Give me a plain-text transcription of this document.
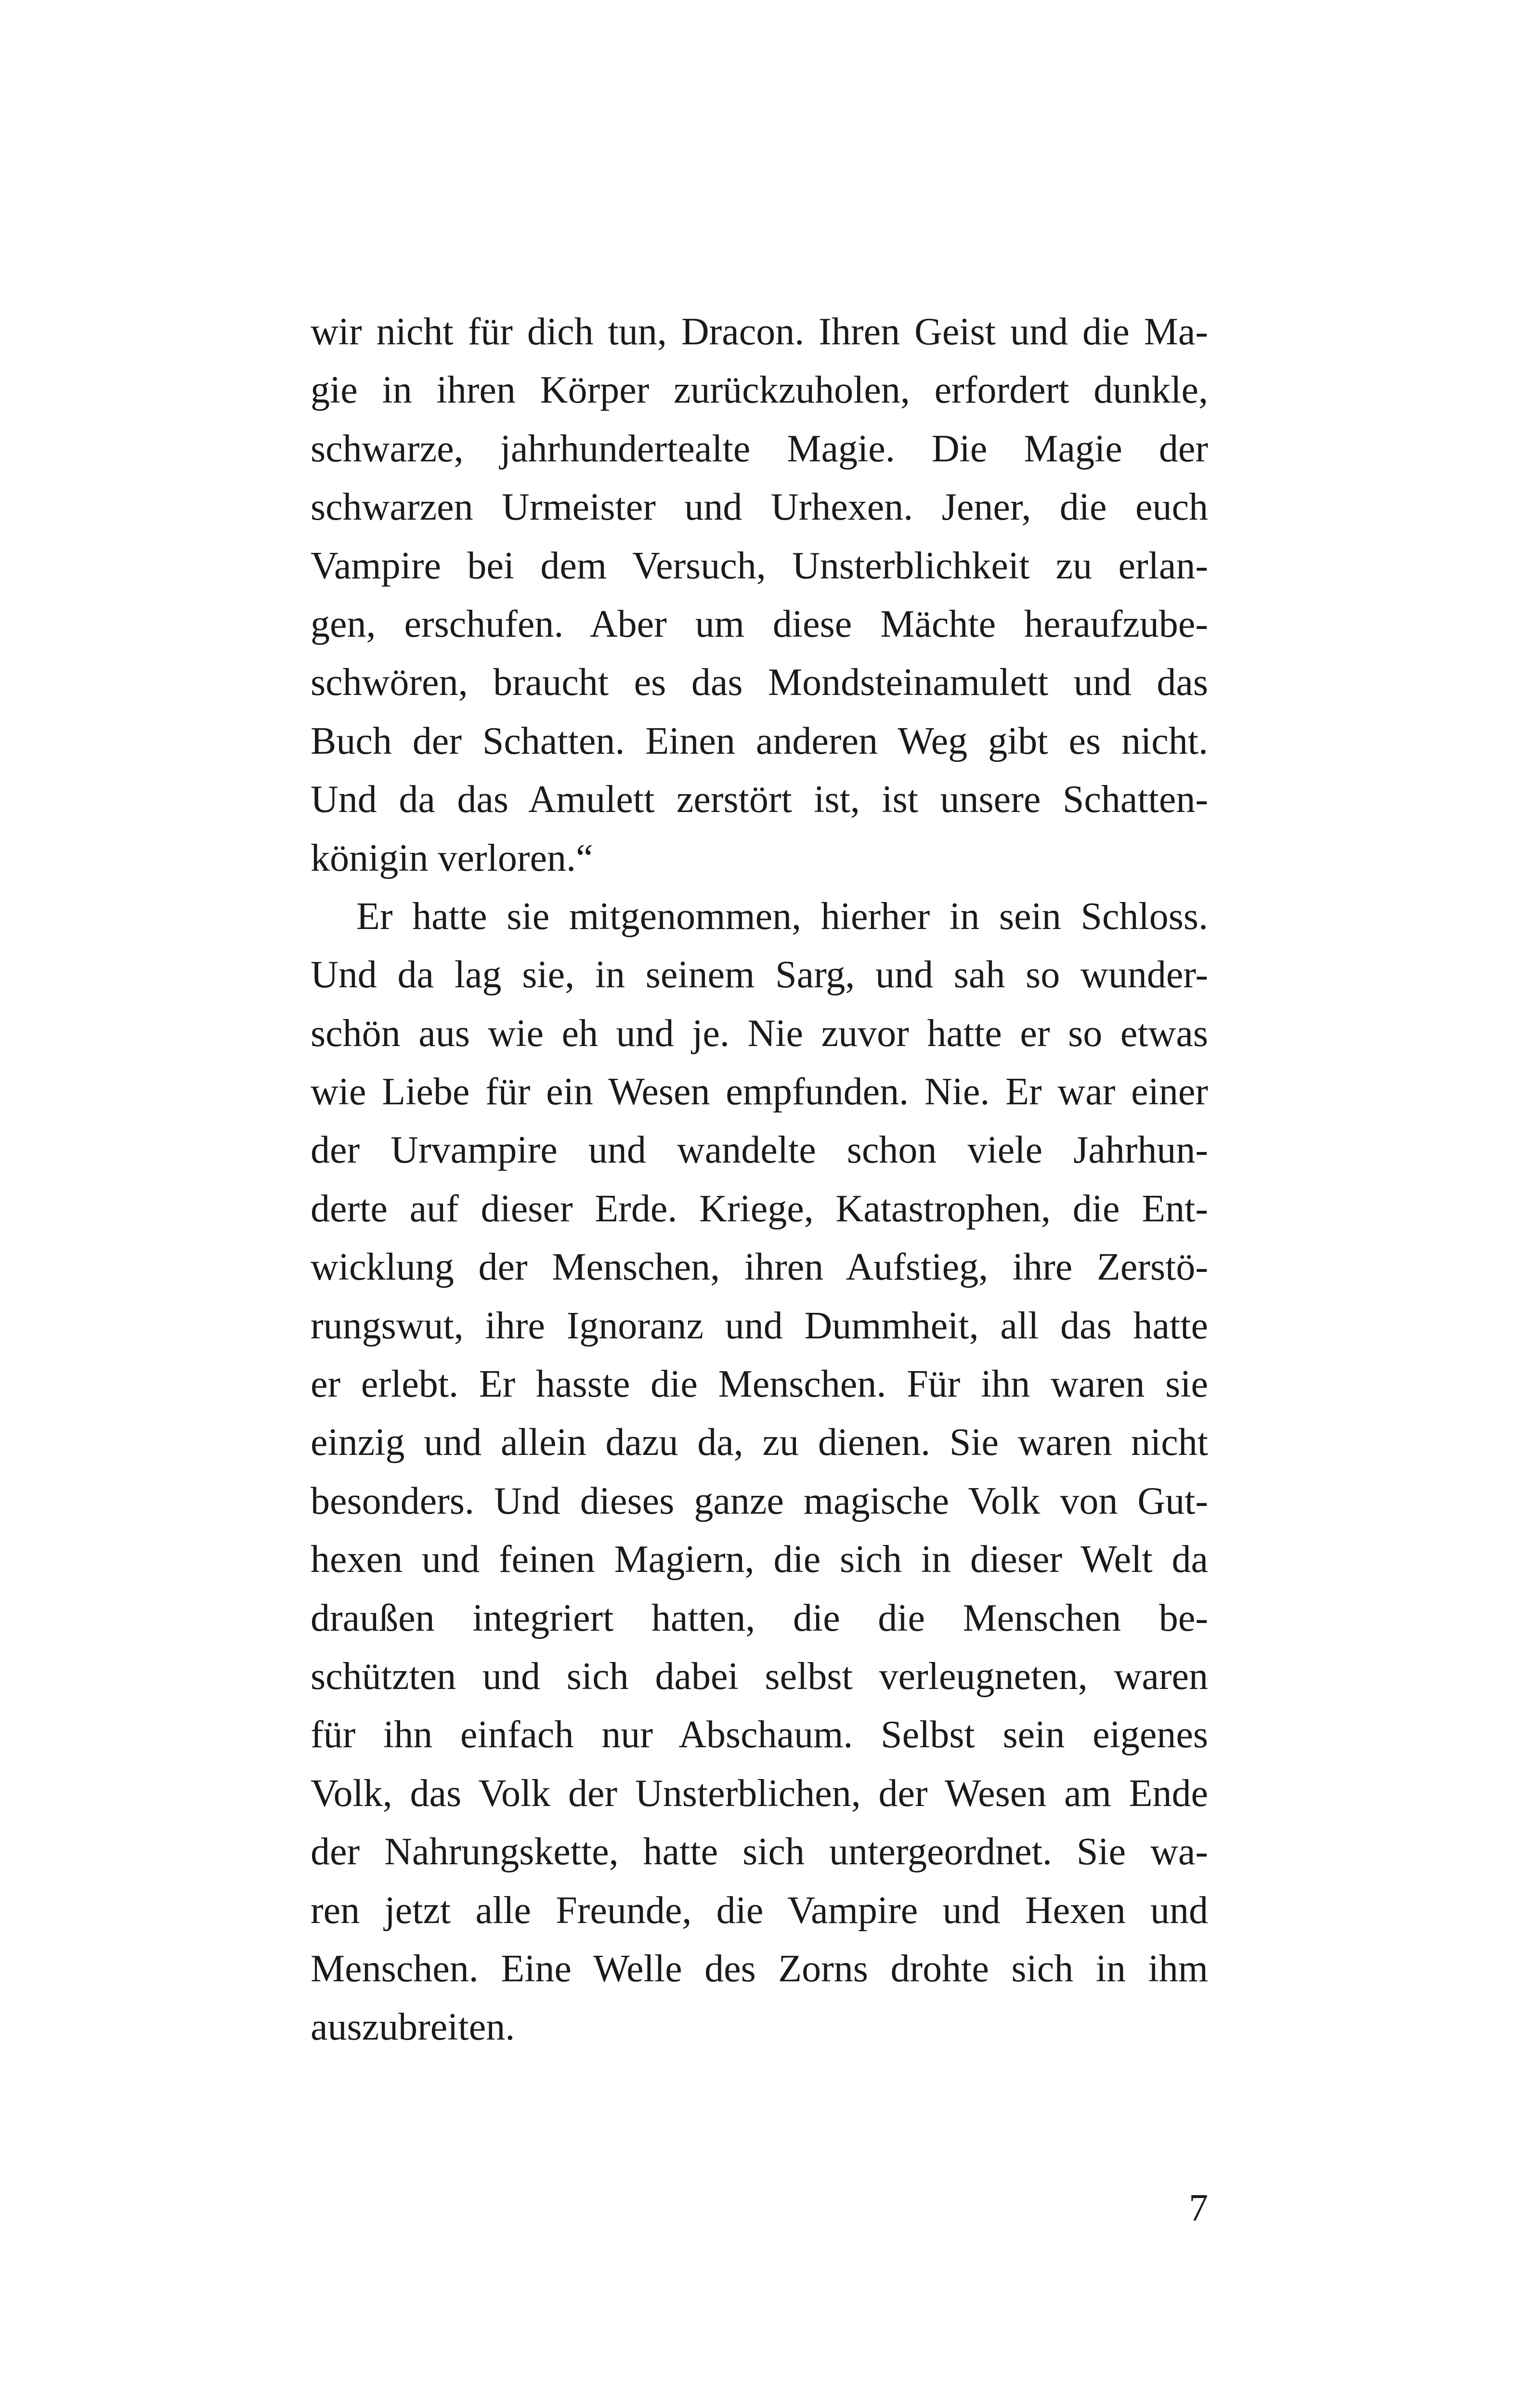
wir nicht für dich tun, Dracon. Ihren Geist und die Ma-
gie in ihren Körper zurückzuholen, erfordert dunkle,
schwarze, jahrhundertealte Magie. Die Magie der
schwarzen Urmeister und Urhexen. Jener, die euch
Vampire bei dem Versuch, Unsterblichkeit zu erlan-
gen, erschufen. Aber um diese Mächte heraufzube-
schwören, braucht es das Mondsteinamulett und das
Buch der Schatten. Einen anderen Weg gibt es nicht.
Und da das Amulett zerstört ist, ist unsere Schatten-
königin verloren.“
Er hatte sie mitgenommen, hierher in sein Schloss.
Und da lag sie, in seinem Sarg, und sah so wunder-
schön aus wie eh und je. Nie zuvor hatte er so etwas
wie Liebe für ein Wesen empfunden. Nie. Er war einer
der Urvampire und wandelte schon viele Jahrhun-
derte auf dieser Erde. Kriege, Katastrophen, die Ent-
wicklung der Menschen, ihren Aufstieg, ihre Zerstö-
rungswut, ihre Ignoranz und Dummheit, all das hatte
er erlebt. Er hasste die Menschen. Für ihn waren sie
einzig und allein dazu da, zu dienen. Sie waren nicht
besonders. Und dieses ganze magische Volk von Gut-
hexen und feinen Magiern, die sich in dieser Welt da
draußen integriert hatten, die die Menschen be-
schützten und sich dabei selbst verleugneten, waren
für ihn einfach nur Abschaum. Selbst sein eigenes
Volk, das Volk der Unsterblichen, der Wesen am Ende
der Nahrungskette, hatte sich untergeordnet. Sie wa-
ren jetzt alle Freunde, die Vampire und Hexen und
Menschen. Eine Welle des Zorns drohte sich in ihm
auszubreiten.
7
